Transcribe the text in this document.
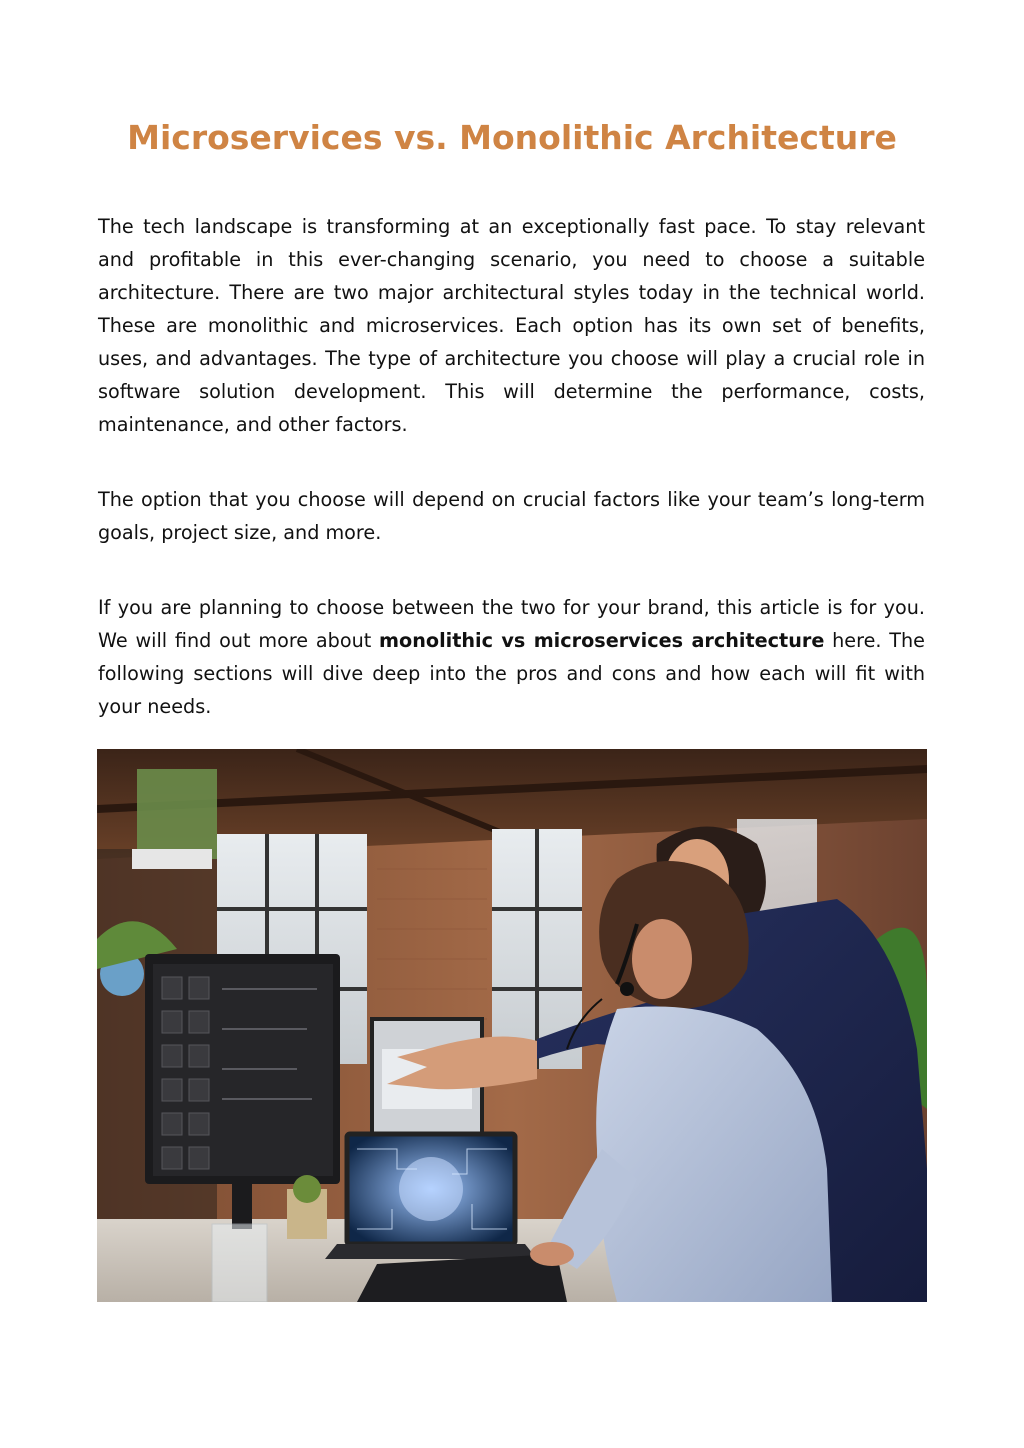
Microservices vs. Monolithic Architecture

The tech landscape is transforming at an exceptionally fast pace. To stay relevant and profitable in this ever-changing scenario, you need to choose a suitable architecture. There are two major architectural styles today in the technical world. These are monolithic and microservices. Each option has its own set of benefits, uses, and advantages. The type of architecture you choose will play a crucial role in software solution development. This will determine the performance, costs, maintenance, and other factors.

The option that you choose will depend on crucial factors like your team’s long-term goals, project size, and more.

If you are planning to choose between the two for your brand, this article is for you. We will find out more about monolithic vs microservices architecture here. The following sections will dive deep into the pros and cons and how each will fit with your needs.
